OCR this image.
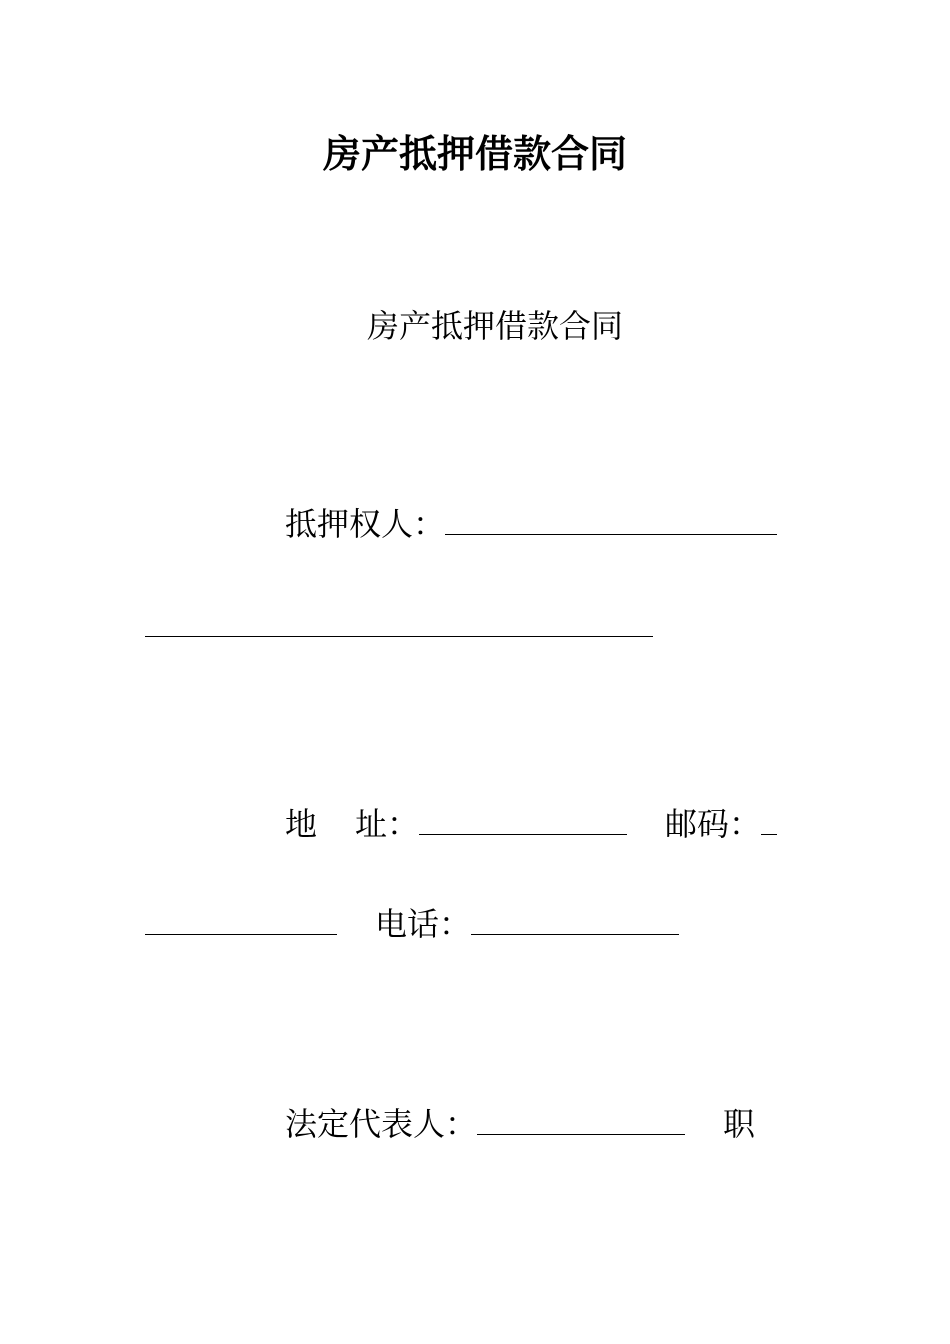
房产抵押借款合同
房产抵押借款合同
抵押权人：
地 址：	邮码：
电话：
法定代表人：	职
